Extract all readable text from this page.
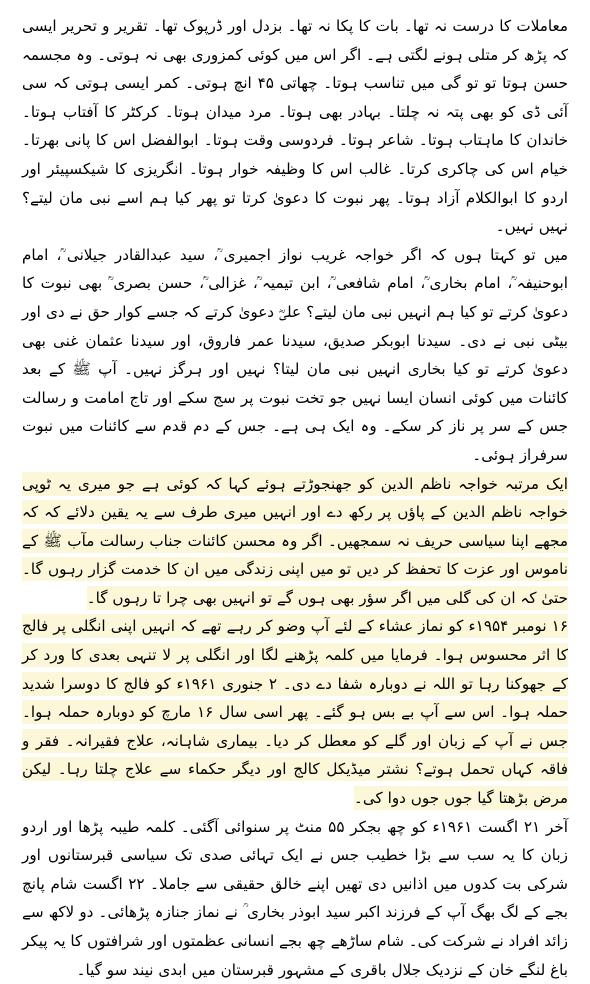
معاملات کا درست نہ تھا۔ بات کا پکا نہ تھا۔ بزدل اور ڈرپوک تھا۔ تقریر و تحریر ایسی کہ پڑھ کر متلی ہونے لگتی ہے۔ اگر اس میں کوئی کمزوری بھی نہ ہوتی۔ وہ مجسمہ حسن ہوتا تو تو گی میں تناسب ہوتا۔ چھاتی ۴۵ انچ ہوتی۔ کمر ایسی ہوتی کہ سی آئی ڈی کو بھی پتہ نہ چلتا۔ بہادر بھی ہوتا۔ مرد میدان ہوتا۔ کرکٹر کا آفتاب ہوتا۔ خاندان کا ماہتاب ہوتا۔ شاعر ہوتا۔ فردوسی وقت ہوتا۔ ابوالفضل اس کا پانی بھرتا۔ خیام اس کی چاکری کرتا۔ غالب اس کا وظیفہ خوار ہوتا۔ انگریزی کا شیکسپیئر اور اردو کا ابوالکلام آزاد ہوتا۔ پھر نبوت کا دعویٰ کرتا تو پھر کیا ہم اسے نبی مان لیتے؟ نہیں نہیں۔

میں تو کہتا ہوں کہ اگر خواجہ غریب نواز اجمیری ؒ، سید عبدالقادر جیلانی ؒ، امام ابوحنیفہ ؒ، امام بخاری ؒ، امام شافعی ؒ، ابن تیمیہ ؒ، غزالی ؒ، حسن بصری ؒ بھی نبوت کا دعویٰ کرتے تو کیا ہم انہیں نبی مان لیتے؟ علیؓ دعویٰ کرتے کہ جسے کوار حق نے دی اور بیٹی نبی نے دی۔ سیدنا ابوبکر صدیق، سیدنا عمر فاروق، اور سیدنا عثمان غنی بھی دعویٰ کرتے تو کیا بخاری انہیں نبی مان لیتا؟ نہیں اور ہرگز نہیں۔ آپ ﷺ کے بعد کائنات میں کوئی انسان ایسا نہیں جو تخت نبوت پر سج سکے اور تاج امامت و رسالت جس کے سر پر ناز کر سکے۔ وہ ایک ہی ہے۔ جس کے دم قدم سے کائنات میں نبوت سرفراز ہوئی۔

ایک مرتبہ خواجہ ناظم الدین کو جھنجوڑتے ہوئے کہا کہ کوئی ہے جو میری یہ ٹوپی خواجہ ناظم الدین کے پاؤں پر رکھ دے اور انہیں میری طرف سے یہ یقین دلائے کہ کہ مجھے اپنا سیاسی حریف نہ سمجھیں۔ اگر وہ محسن کائنات جناب رسالت مآب ﷺ کے ناموس اور عزت کا تحفظ کر دیں تو میں اپنی زندگی میں ان کا خدمت گزار رہوں گا۔ حتیٰ کہ ان کی گلی میں اگر سؤر بھی ہوں گے تو انہیں بھی چرا تا رہوں گا۔

۱۶ نومبر ۱۹۵۴ء کو نماز عشاء کے لئے آپ وضو کر رہے تھے کہ انہیں اپنی انگلی پر فالج کا اثر محسوس ہوا۔ فرمایا میں کلمہ پڑھنے لگا اور انگلی پر لا تنہی بعدی کا ورد کر کے جھوکنا رہا تو اللہ نے دوبارہ شفا دے دی۔ ۲ جنوری ۱۹۶۱ء کو فالج کا دوسرا شدید حملہ ہوا۔ اس سے آپ بے بس ہو گئے۔ پھر اسی سال ۱۶ مارچ کو دوبارہ حملہ ہوا۔ جس نے آپ کے زبان اور گلے کو معطل کر دیا۔ بیماری شاہانہ، علاج فقیرانہ۔ فقر و فاقہ کہاں تحمل ہوتے؟ نشتر میڈیکل کالج اور دیگر حکماء سے علاج چلتا رہا۔ لیکن مرض بڑھتا گیا جوں جوں دوا کی۔

آخر ۲۱ اگست ۱۹۶۱ء کو چھ بجکر ۵۵ منٹ پر سنوائی آگئی۔ کلمہ طیبہ پڑھا اور اردو زبان کا یہ سب سے بڑا خطیب جس نے ایک تہائی صدی تک سیاسی قبرستانوں اور شرکی بت کدوں میں اذانیں دی تھیں اپنے خالق حقیقی سے جاملا۔ ۲۲ اگست شام پانچ بجے کے لگ بھگ آپ کے فرزند اکبر سید ابوذر بخاری ؒ نے نماز جنازہ پڑھائی۔ دو لاکھ سے زائد افراد نے شرکت کی۔ شام ساڑھے چھ بجے انسانی عظمتوں اور شرافتوں کا یہ پیکر باغ لنگے خان کے نزدیک جلال باقری کے مشہور قبرستان میں ابدی نیند سو گیا۔
